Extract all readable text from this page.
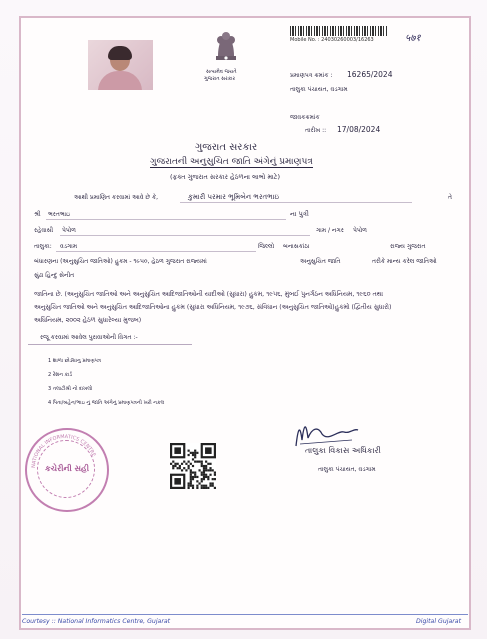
સત્યમેવ જયતે
ગુજરાત સરકાર
Mobile No. : 24030260003/16263	५७१
પ્રમાણપત્ર ક્રમાંક : 16265/2024
તાલુકા પંચાયત, વડગામ
જાવકક્રમાંક
તારીખ :: 17/08/2024
ગુજરાત સરકાર
ગુજરાતની અનુસુચિત જાતિ અંગેનું પ્રમાણપત્ર
(ફક્ત ગુજરાત સરકાર હેઠળના લાભો માટે)
આથી પ્રમાણિત કરવામાં આવે છે કે,	કુમારી પરમાર ભૂમિબેન ભરતભાઇ	તે
શ્રી ભરતભાઇ	ના પુત્રી
રહેવાસી પેપોળ	ગામ / નગર પેપોળ
તાલુકા: વડગામ	જિલ્લો બનાસકાંઠા	રાજ્ય ગુજરાત
બંધારણના (અનુસુચિત જાતિઓ) હુકમ - ૧૯૫૦, હેઠળ ગુજરાત રાજ્યમાં	અનુસુચિત જાતિ	તરીકે માન્ય કરેલ જાતિઓ
સુંઢા હિન્દુ સેનીત
જાતિના છે. (અનુસુચિત જાતિઓ અને અનુસુચિત આદિજાતિઓની યાદીઓ (સુધારા) હુકમ, ૧૯૫૬, મુંબઈ પુનર્ગઠન અધિનિયમ, ૧૯૬૦ તથા
અનુસુચિત જાતિઓ અને અનુસુચિત આદિજાતિઓના હુકમ (સુધારા અધિનિયમ, ૧૯૭૬, સંવિધાન (અનુસુચિત જાતિઓ)હુકમો (દ્વિતીય સુધારો)
અધિનિયમ, ૨૦૦૨ હેઠળ સુધારેલ્યા મુજબ)
રજૂ કરવામાં આવેલ પુરાવાઓની વિગત :-
1 શાળા છોડ્યાનુ પ્રમાણપત્ર
2 રેશન કાર્ડ
3 તલાટીશ્રી નો દાખલો
4 પિતા/બહેન/ભાઇ નું જાતિ અંગેનું પ્રમાણપત્રની ખરી નકલ
NATIONAL INFORMATICS CENTRE
કચેરીની સહી
તાલુકા વિકાસ અધિકારી
તાલુકા પંચાયત, વડગામ
Courtesy :: National Informatics Centre, Gujarat	Digital Gujarat
